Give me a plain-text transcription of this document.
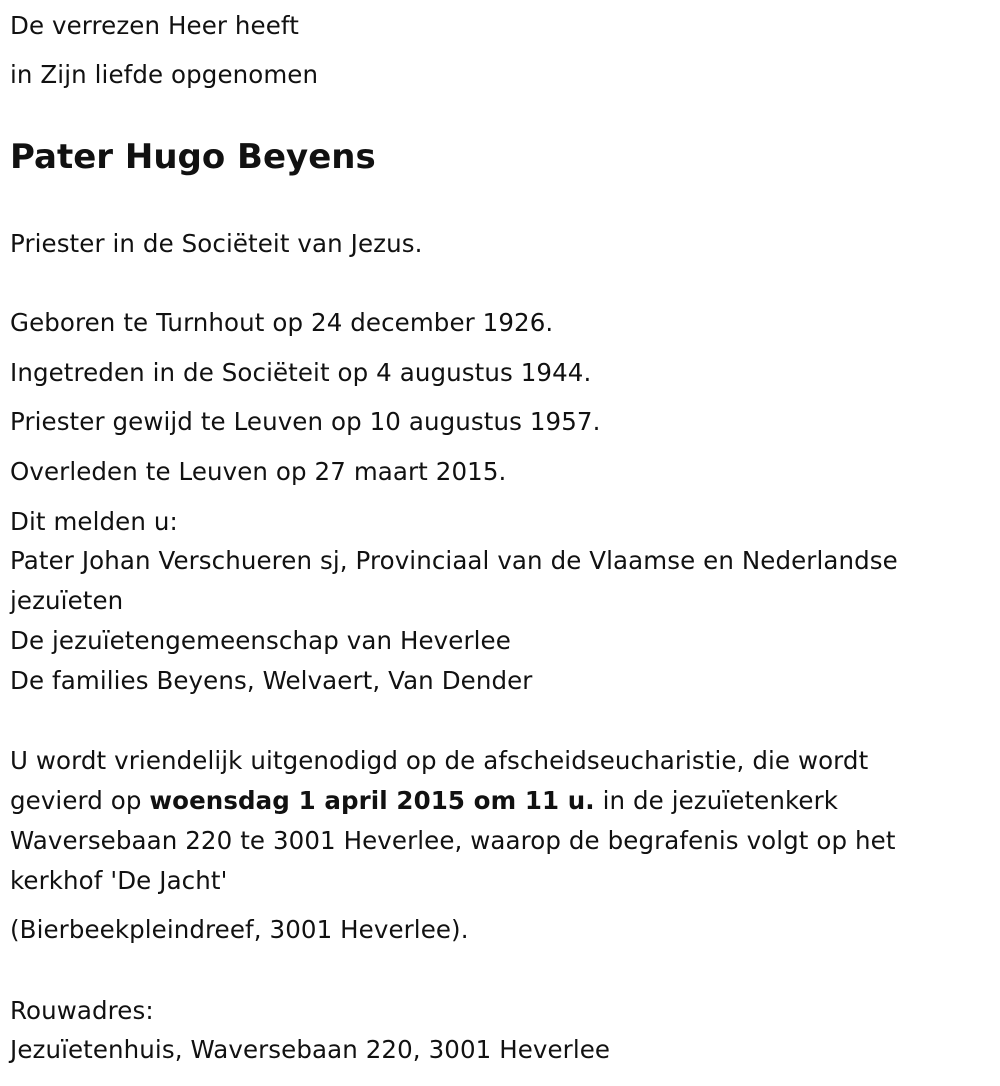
De verrezen Heer heeft
in Zijn liefde opgenomen
Pater Hugo Beyens
Priester in de Sociëteit van Jezus.
Geboren te Turnhout op 24 december 1926.
Ingetreden in de Sociëteit op 4 augustus 1944.
Priester gewijd te Leuven op 10 augustus 1957.
Overleden te Leuven op 27 maart 2015.
Dit melden u:
Pater Johan Verschueren sj, Provinciaal van de Vlaamse en Nederlandse
jezuïeten
De jezuïetengemeenschap van Heverlee
De families Beyens, Welvaert, Van Dender
U wordt vriendelijk uitgenodigd op de afscheidseucharistie, die wordt
gevierd op woensdag 1 april 2015 om 11 u. in de jezuïetenkerk
Waversebaan 220 te 3001 Heverlee, waarop de begrafenis volgt op het
kerkhof 'De Jacht'
(Bierbeekpleindreef, 3001 Heverlee).
Rouwadres:
Jezuïetenhuis, Waversebaan 220, 3001 Heverlee
